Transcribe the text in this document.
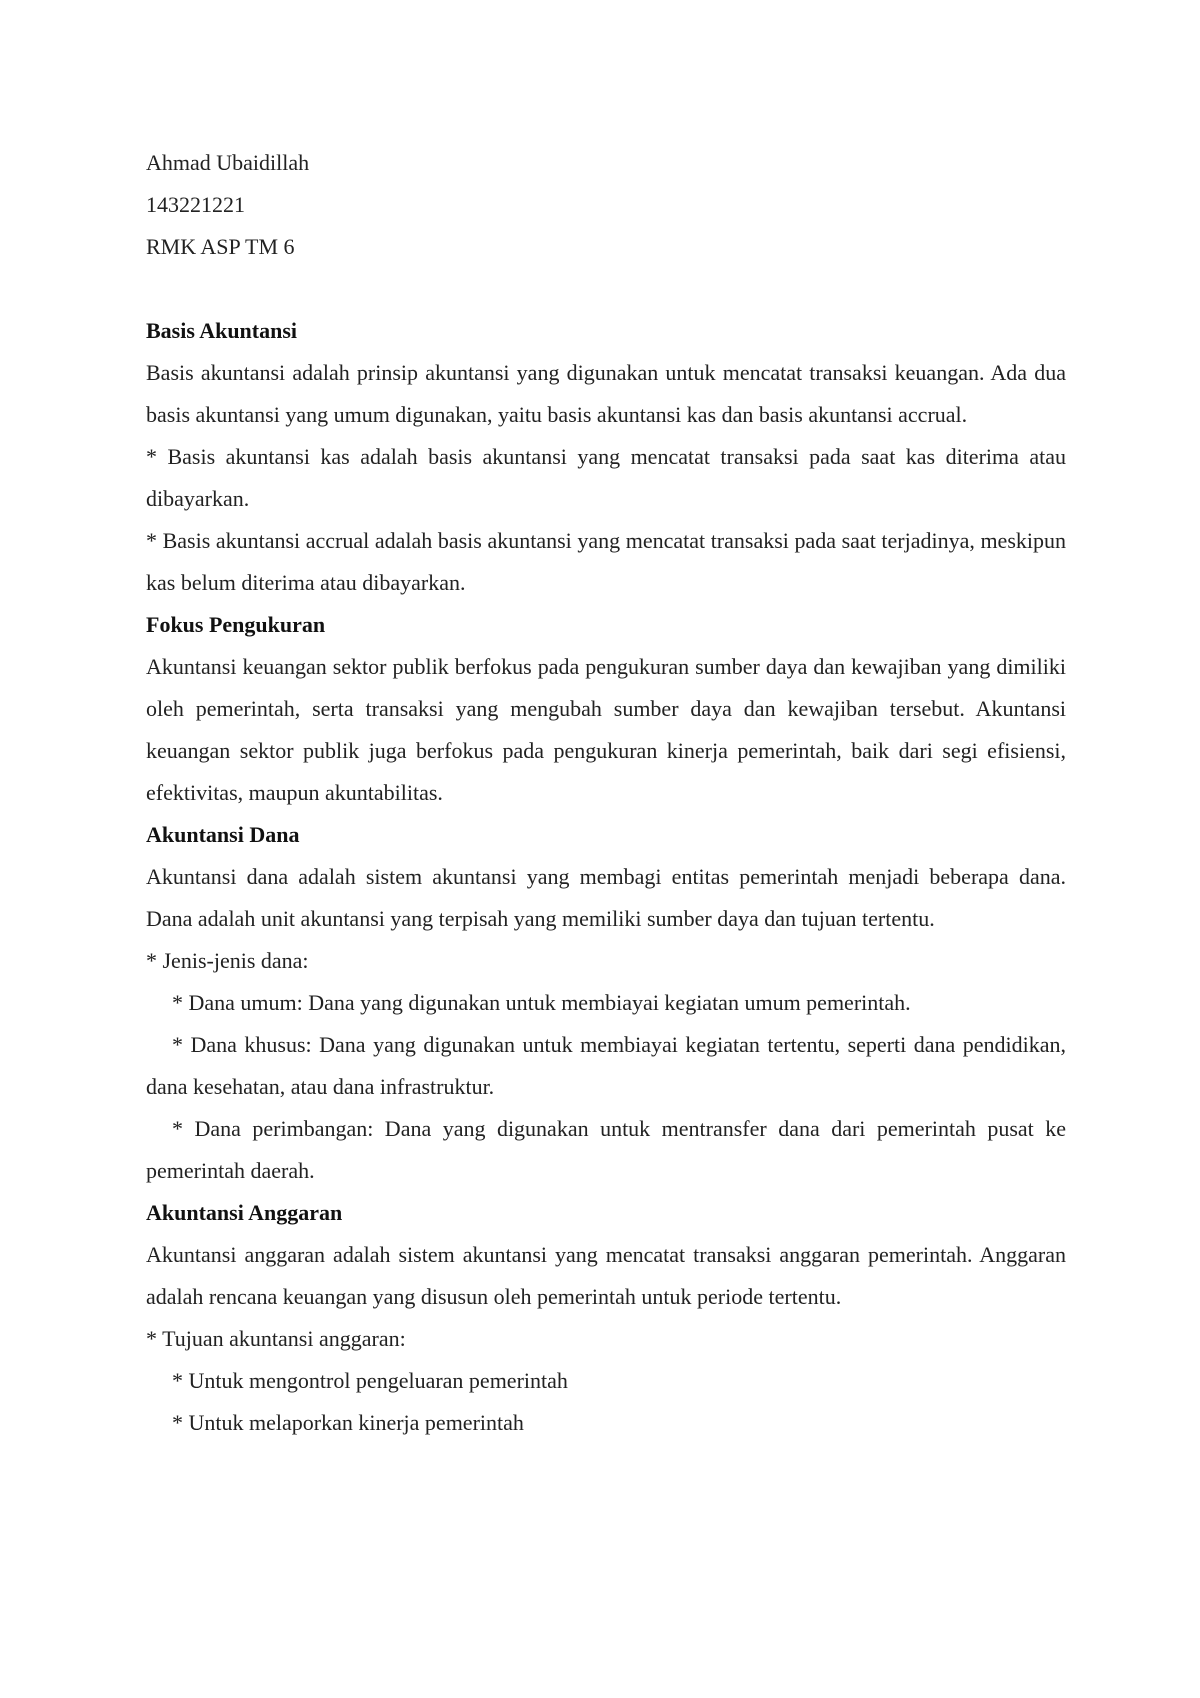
Ahmad Ubaidillah

143221221

RMK ASP TM 6

Basis Akuntansi

Basis akuntansi adalah prinsip akuntansi yang digunakan untuk mencatat transaksi keuangan. Ada dua basis akuntansi yang umum digunakan, yaitu basis akuntansi kas dan basis akuntansi accrual.

* Basis akuntansi kas adalah basis akuntansi yang mencatat transaksi pada saat kas diterima atau dibayarkan.

* Basis akuntansi accrual adalah basis akuntansi yang mencatat transaksi pada saat terjadinya, meskipun kas belum diterima atau dibayarkan.

Fokus Pengukuran

Akuntansi keuangan sektor publik berfokus pada pengukuran sumber daya dan kewajiban yang dimiliki oleh pemerintah, serta transaksi yang mengubah sumber daya dan kewajiban tersebut. Akuntansi keuangan sektor publik juga berfokus pada pengukuran kinerja pemerintah, baik dari segi efisiensi, efektivitas, maupun akuntabilitas.

Akuntansi Dana

Akuntansi dana adalah sistem akuntansi yang membagi entitas pemerintah menjadi beberapa dana. Dana adalah unit akuntansi yang terpisah yang memiliki sumber daya dan tujuan tertentu.

* Jenis-jenis dana:

* Dana umum: Dana yang digunakan untuk membiayai kegiatan umum pemerintah.

* Dana khusus: Dana yang digunakan untuk membiayai kegiatan tertentu, seperti dana pendidikan, dana kesehatan, atau dana infrastruktur.

* Dana perimbangan: Dana yang digunakan untuk mentransfer dana dari pemerintah pusat ke pemerintah daerah.

Akuntansi Anggaran

Akuntansi anggaran adalah sistem akuntansi yang mencatat transaksi anggaran pemerintah. Anggaran adalah rencana keuangan yang disusun oleh pemerintah untuk periode tertentu.

* Tujuan akuntansi anggaran:

* Untuk mengontrol pengeluaran pemerintah

* Untuk melaporkan kinerja pemerintah
